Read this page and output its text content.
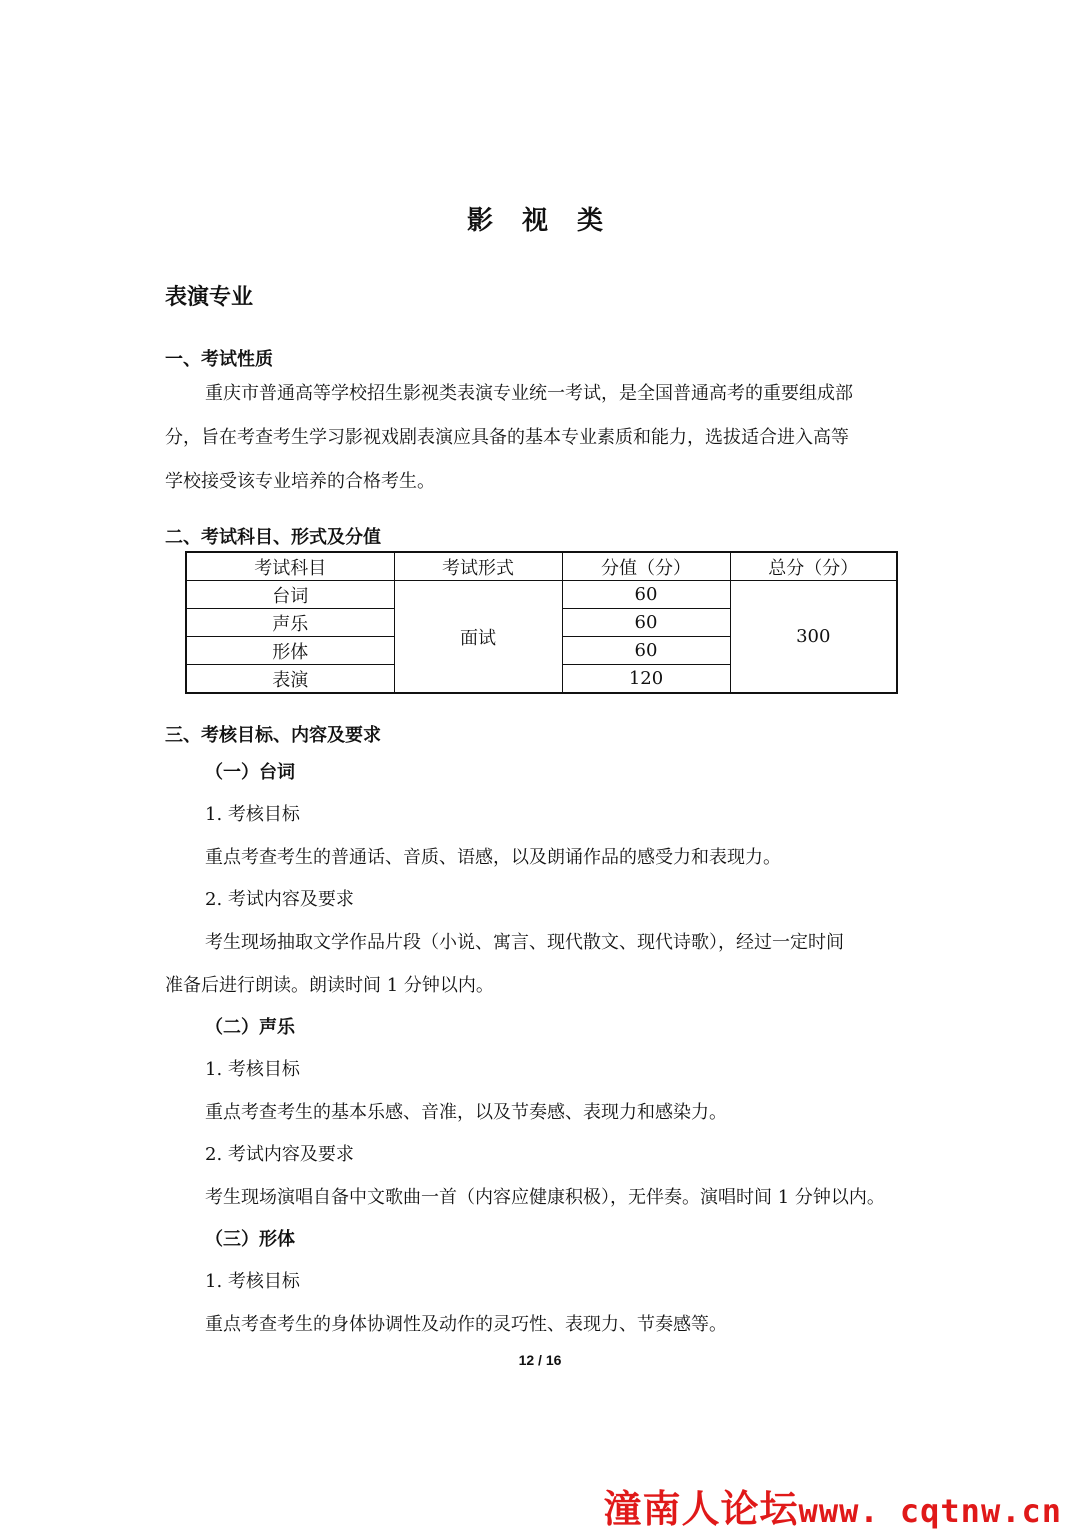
影 视 类
表演专业
一、考试性质
重庆市普通高等学校招生影视类表演专业统一考试，是全国普通高考的重要组成部
分，旨在考查考生学习影视戏剧表演应具备的基本专业素质和能力，选拔适合进入高等
学校接受该专业培养的合格考生。
二、考试科目、形式及分值
考试科目	考试形式	分值（分）	总分（分）
台词	面试	60	300
声乐		60	
形体		60	
表演		120	
三、考核目标、内容及要求
（一）台词
1. 考核目标
重点考查考生的普通话、音质、语感，以及朗诵作品的感受力和表现力。
2. 考试内容及要求
考生现场抽取文学作品片段（小说、寓言、现代散文、现代诗歌），经过一定时间
准备后进行朗读。朗读时间 1 分钟以内。
（二）声乐
1. 考核目标
重点考查考生的基本乐感、音准，以及节奏感、表现力和感染力。
2. 考试内容及要求
考生现场演唱自备中文歌曲一首（内容应健康积极），无伴奏。演唱时间 1 分钟以内。
（三）形体
1. 考核目标
重点考查考生的身体协调性及动作的灵巧性、表现力、节奏感等。
12 / 16
潼南人论坛www. cqtnw.cn
